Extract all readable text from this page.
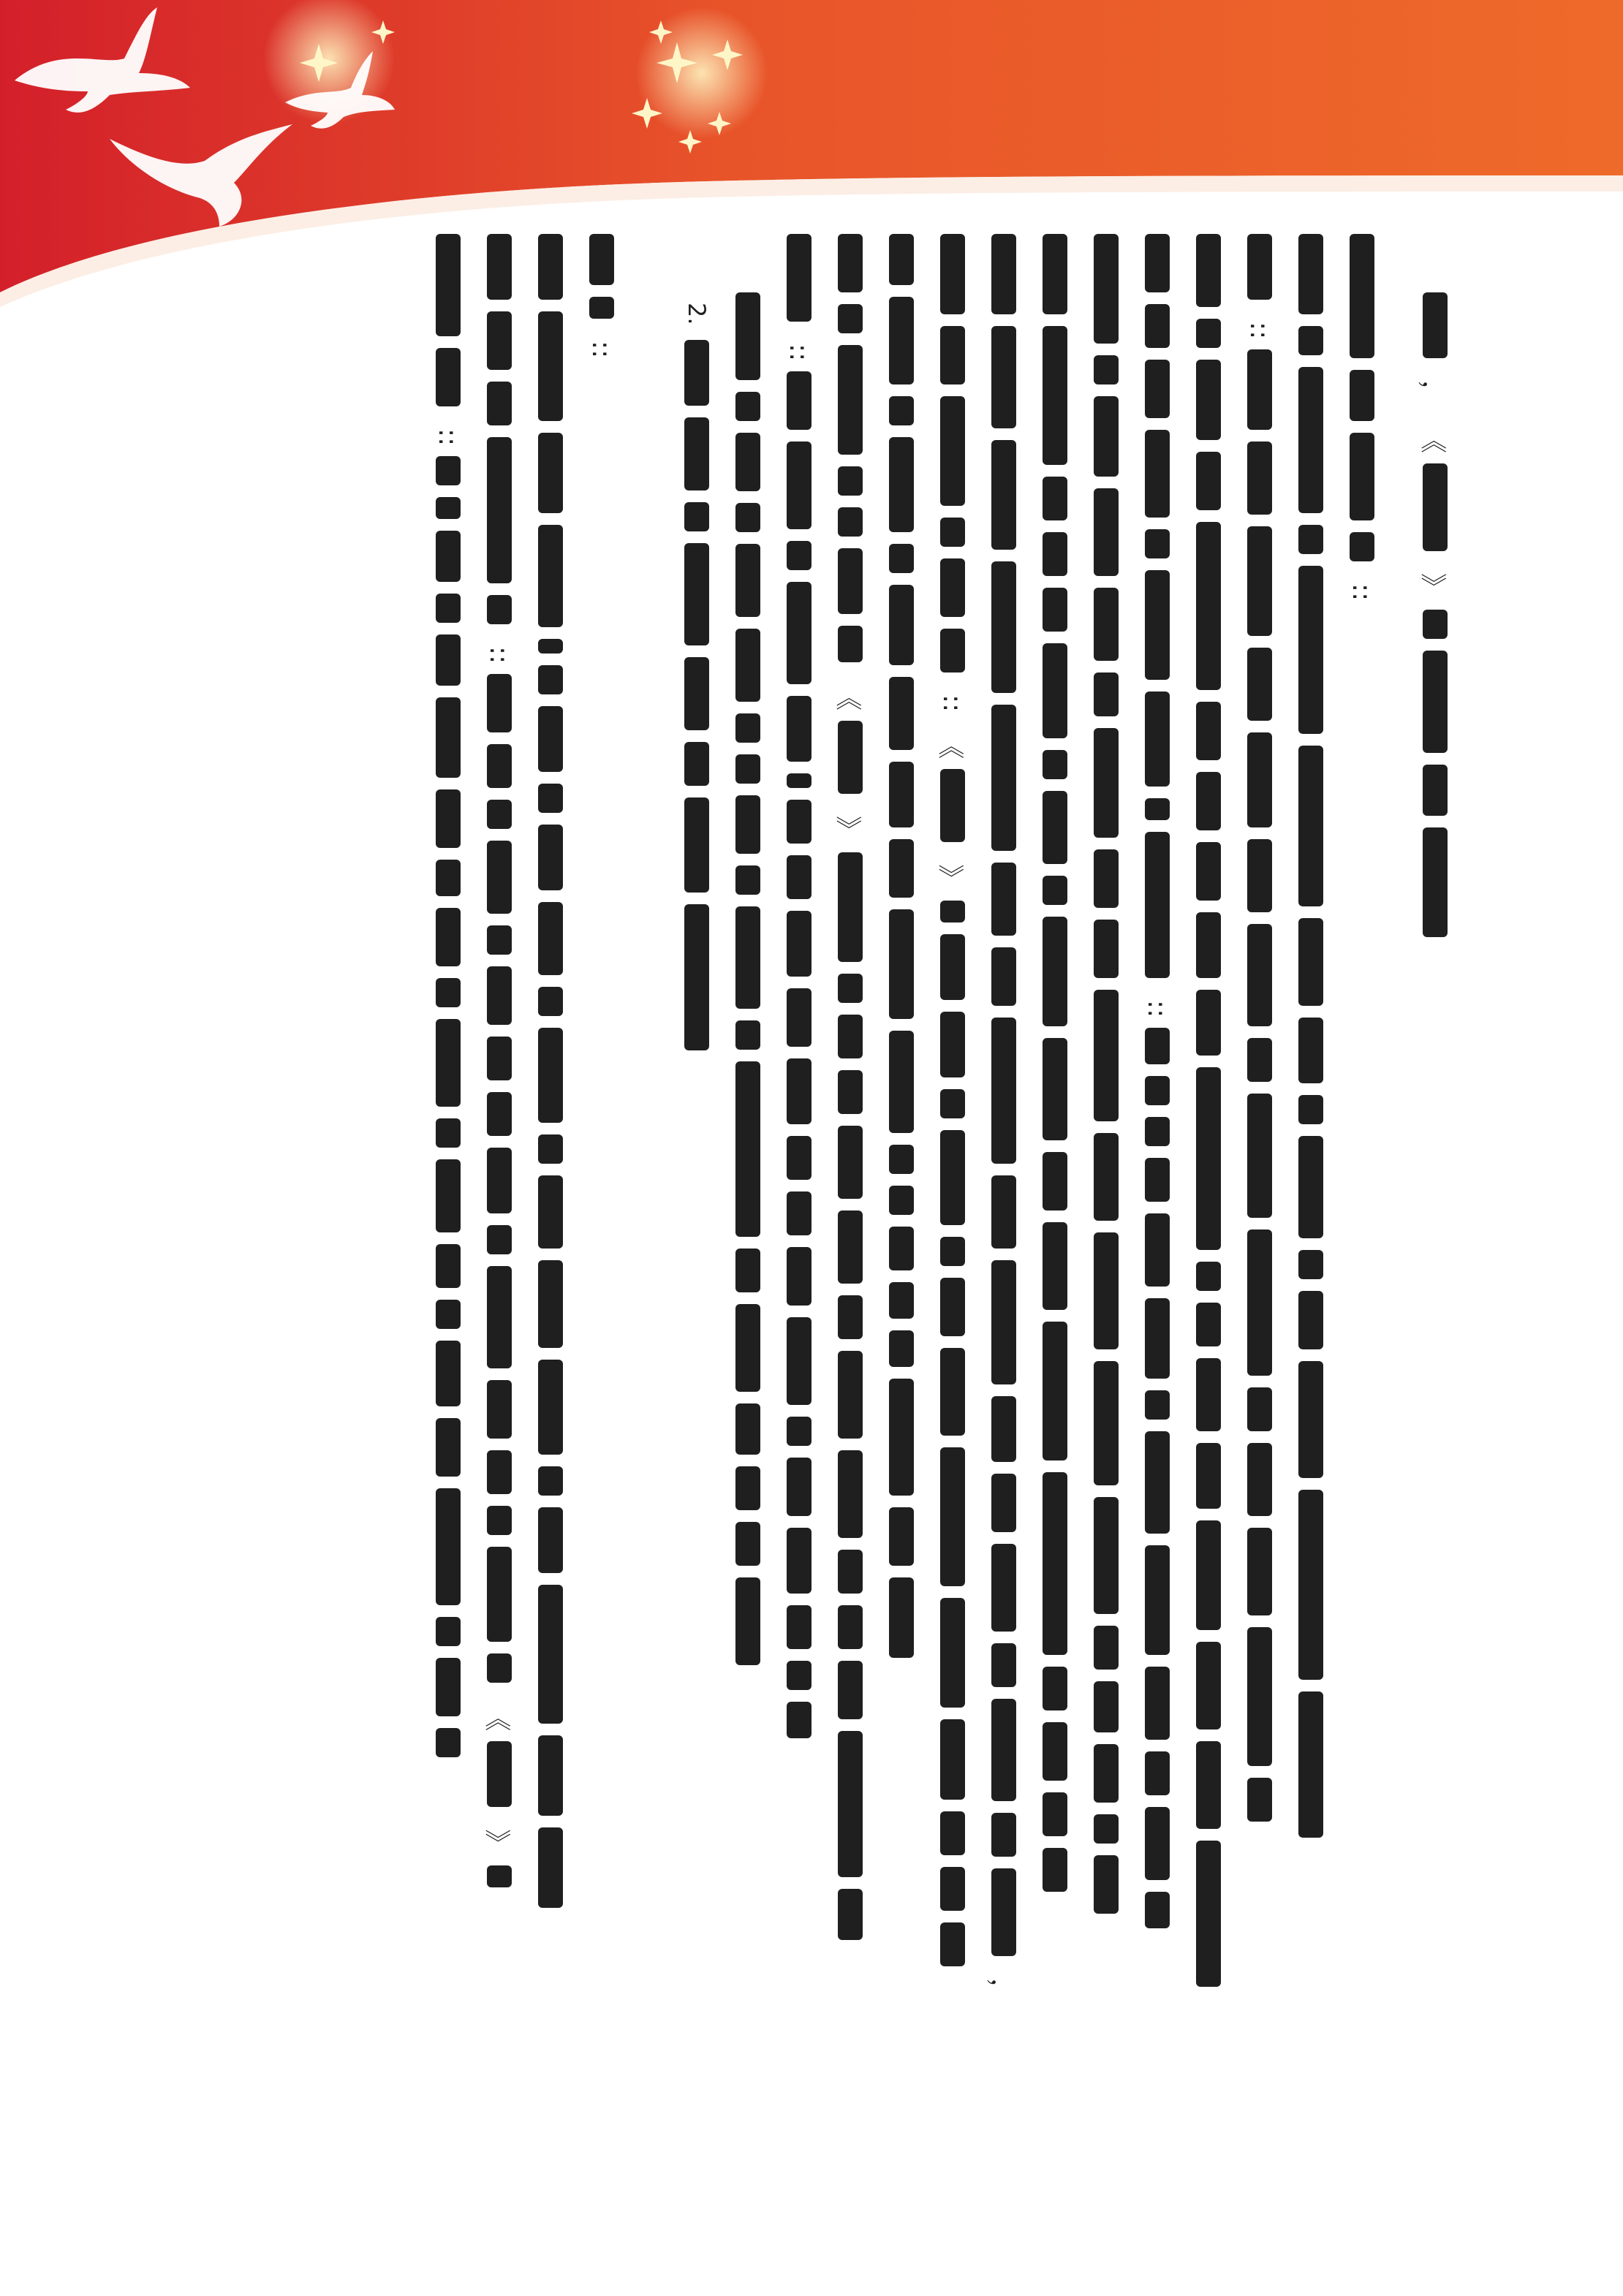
，
《
》
::
::
::
，
::
《
》
《
》
::
2.
::
::
《
》
::
